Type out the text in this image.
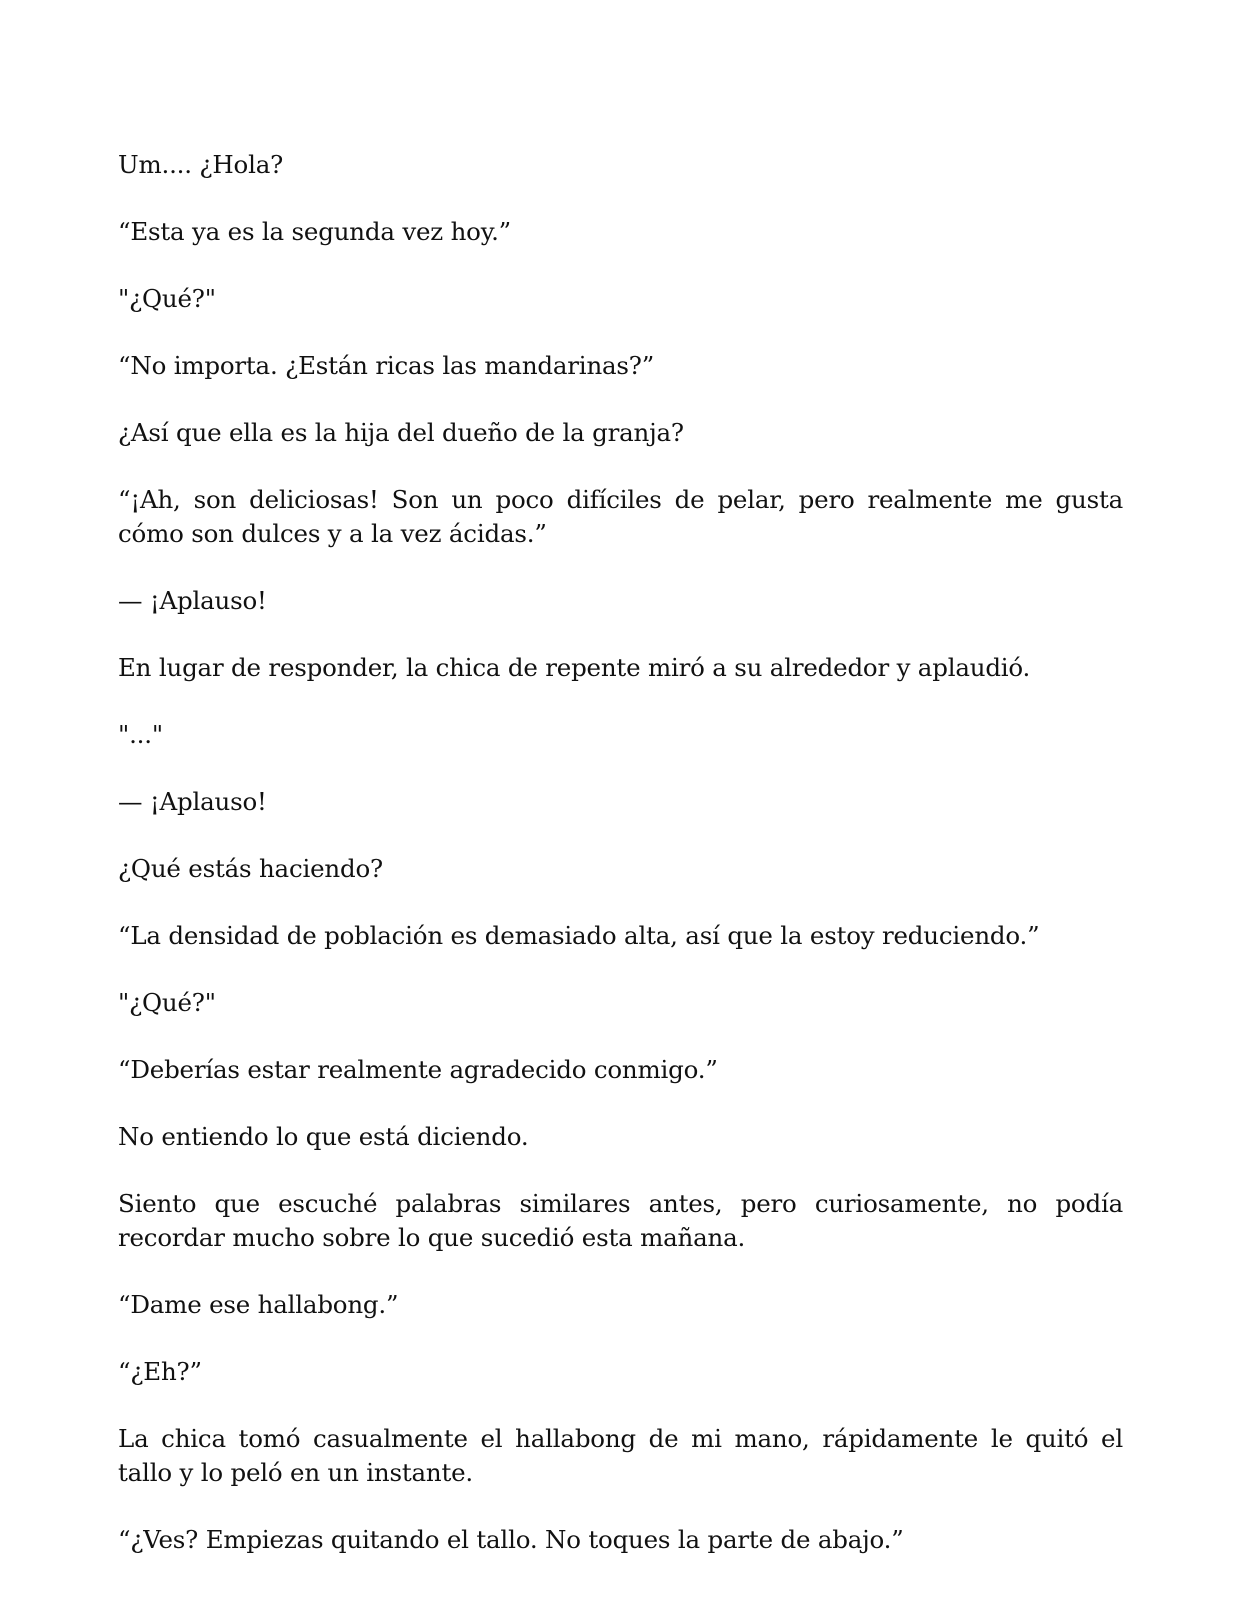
Um.... ¿Hola?

“Esta ya es la segunda vez hoy.”

"¿Qué?"

“No importa. ¿Están ricas las mandarinas?”

¿Así que ella es la hija del dueño de la granja?

“¡Ah, son deliciosas! Son un poco difíciles de pelar, pero realmente me gusta cómo son dulces y a la vez ácidas.”

— ¡Aplauso!

En lugar de responder, la chica de repente miró a su alrededor y aplaudió.

"..."

— ¡Aplauso!

¿Qué estás haciendo?

“La densidad de población es demasiado alta, así que la estoy reduciendo.”

"¿Qué?"

“Deberías estar realmente agradecido conmigo.”

No entiendo lo que está diciendo.

Siento que escuché palabras similares antes, pero curiosamente, no podía recordar mucho sobre lo que sucedió esta mañana.

“Dame ese hallabong.”

“¿Eh?”

La chica tomó casualmente el hallabong de mi mano, rápidamente le quitó el tallo y lo peló en un instante.

“¿Ves? Empiezas quitando el tallo. No toques la parte de abajo.”
